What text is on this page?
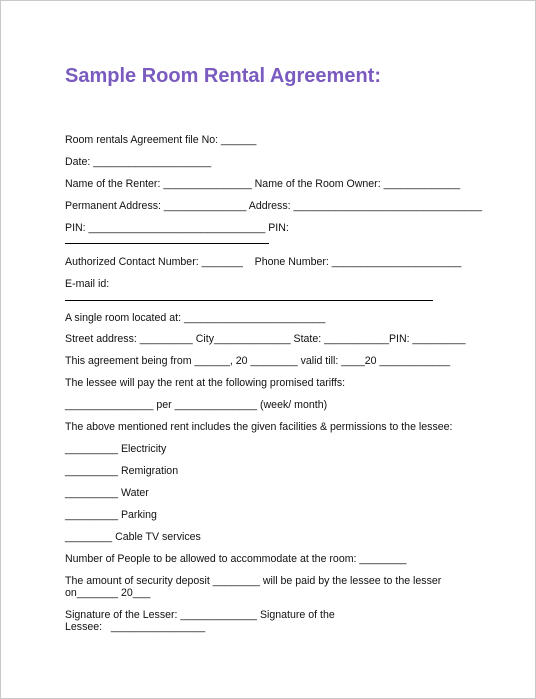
Sample Room Rental Agreement:
Room rentals Agreement file No: ______
Date: ____________________
Name of the Renter: _______________ Name of the Room Owner: _____________
Permanent Address: ______________ Address: ________________________________
PIN: ______________________________ PIN:
Authorized Contact Number: _______    Phone Number: ______________________
E-mail id:
A single room located at: ________________________
Street address: _________ City_____________ State: ___________PIN: _________
This agreement being from ______, 20 ________ valid till: ____20 ____________
The lessee will pay the rent at the following promised tariffs:
_______________ per ______________ (week/ month)
The above mentioned rent includes the given facilities & permissions to the lessee:
_________ Electricity
_________ Remigration
_________ Water
_________ Parking
________ Cable TV services
Number of People to be allowed to accommodate at the room: ________
The amount of security deposit ________ will be paid by the lessee to the lesser
on_______ 20___
Signature of the Lesser: _____________ Signature of the
Lessee:   ________________
